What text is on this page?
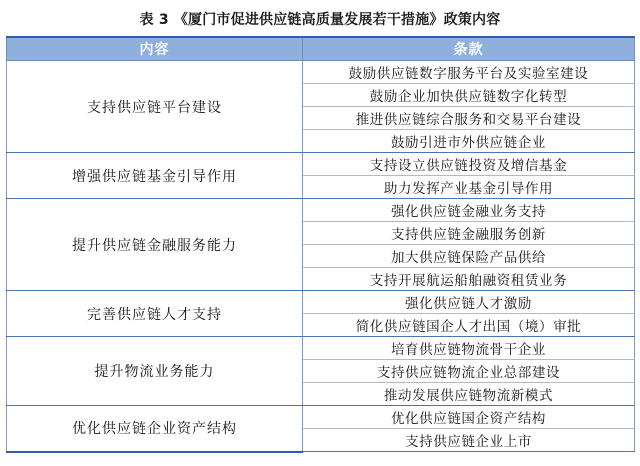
表 3 《厦门市促进供应链高质量发展若干措施》政策内容
内容	条款
支持供应链平台建设	鼓励供应链数字服务平台及实验室建设
	鼓励企业加快供应链数字化转型
	推进供应链综合服务和交易平台建设
	鼓励引进市外供应链企业
增强供应链基金引导作用	支持设立供应链投资及增信基金
	助力发挥产业基金引导作用
提升供应链金融服务能力	强化供应链金融业务支持
	支持供应链金融服务创新
	加大供应链保险产品供给
	支持开展航运船舶融资租赁业务
完善供应链人才支持	强化供应链人才激励
	简化供应链国企人才出国（境）审批
提升物流业务能力	培育供应链物流骨干企业
	支持供应链物流企业总部建设
	推动发展供应链物流新模式
优化供应链企业资产结构	优化供应链国企资产结构
	支持供应链企业上市
